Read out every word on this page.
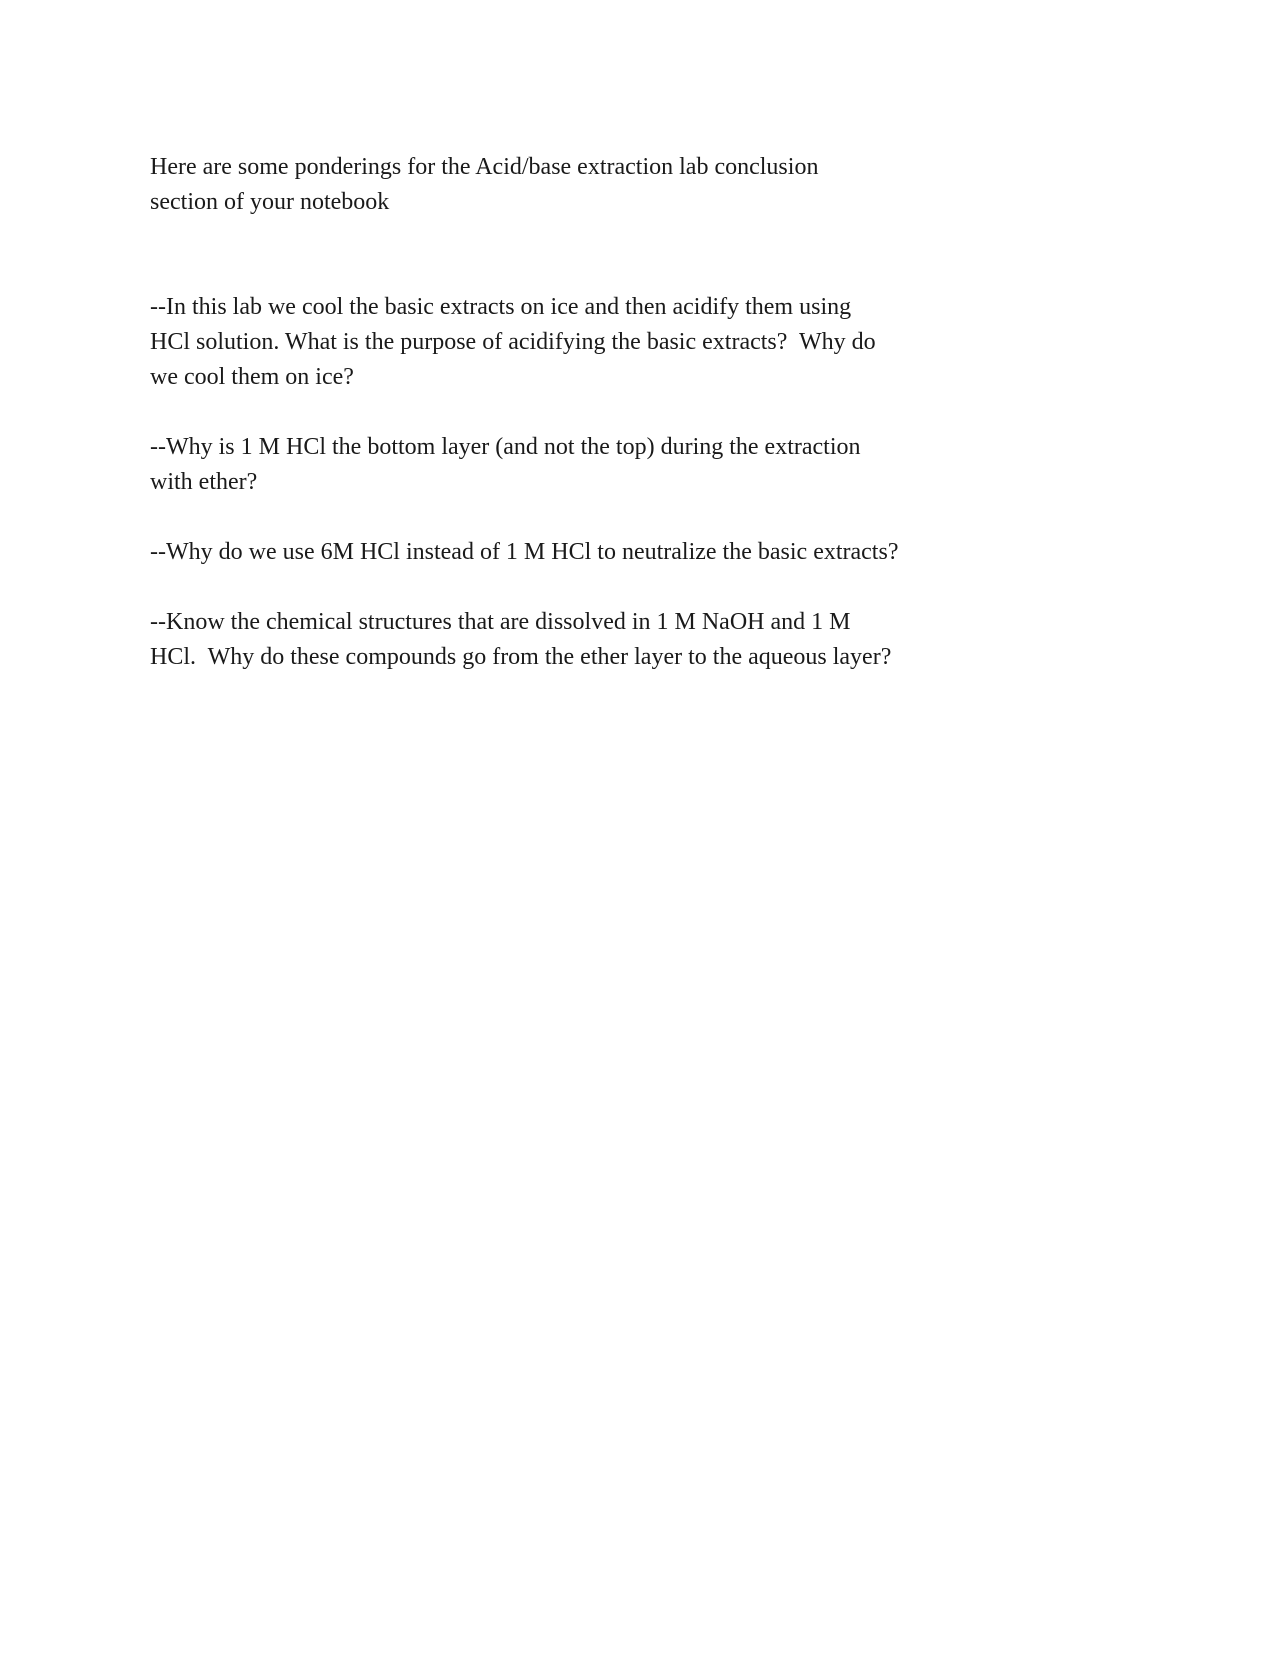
Here are some ponderings for the Acid/base extraction lab conclusion
section of your notebook

--In this lab we cool the basic extracts on ice and then acidify them using
HCl solution. What is the purpose of acidifying the basic extracts?  Why do
we cool them on ice?

--Why is 1 M HCl the bottom layer (and not the top) during the extraction
with ether?

--Why do we use 6M HCl instead of 1 M HCl to neutralize the basic extracts?

--Know the chemical structures that are dissolved in 1 M NaOH and 1 M
HCl.  Why do these compounds go from the ether layer to the aqueous layer?
